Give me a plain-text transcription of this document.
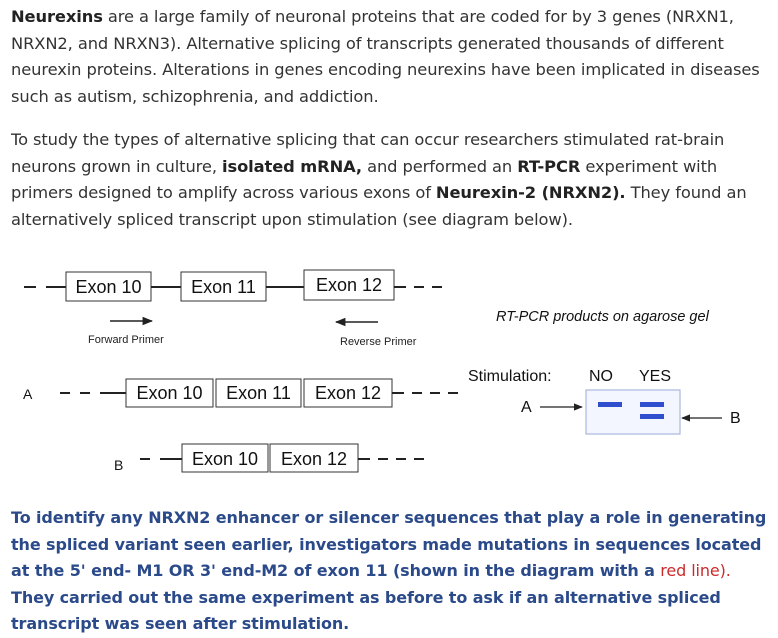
Neurexins are a large family of neuronal proteins that are coded for by 3 genes (NRXN1, NRXN2, and NRXN3). Alternative splicing of transcripts generated thousands of different neurexin proteins. Alterations in genes encoding neurexins have been implicated in diseases such as autism, schizophrenia, and addiction.
To study the types of alternative splicing that can occur researchers stimulated rat-brain neurons grown in culture, isolated mRNA, and performed an RT-PCR experiment with primers designed to amplify across various exons of Neurexin-2 (NRXN2). They found an alternatively spliced transcript upon stimulation (see diagram below).
Exon 10	Exon 11	Exon 12
Forward Primer	Reverse Primer
A	Exon 10 Exon 11 Exon 12
B	Exon 10 Exon 12
RT-PCR products on agarose gel
Stimulation: NO YES
A
B
To identify any NRXN2 enhancer or silencer sequences that play a role in generating the spliced variant seen earlier, investigators made mutations in sequences located at the 5' end- M1 OR 3' end-M2 of exon 11 (shown in the diagram with a red line). They carried out the same experiment as before to ask if an alternative spliced transcript was seen after stimulation.
